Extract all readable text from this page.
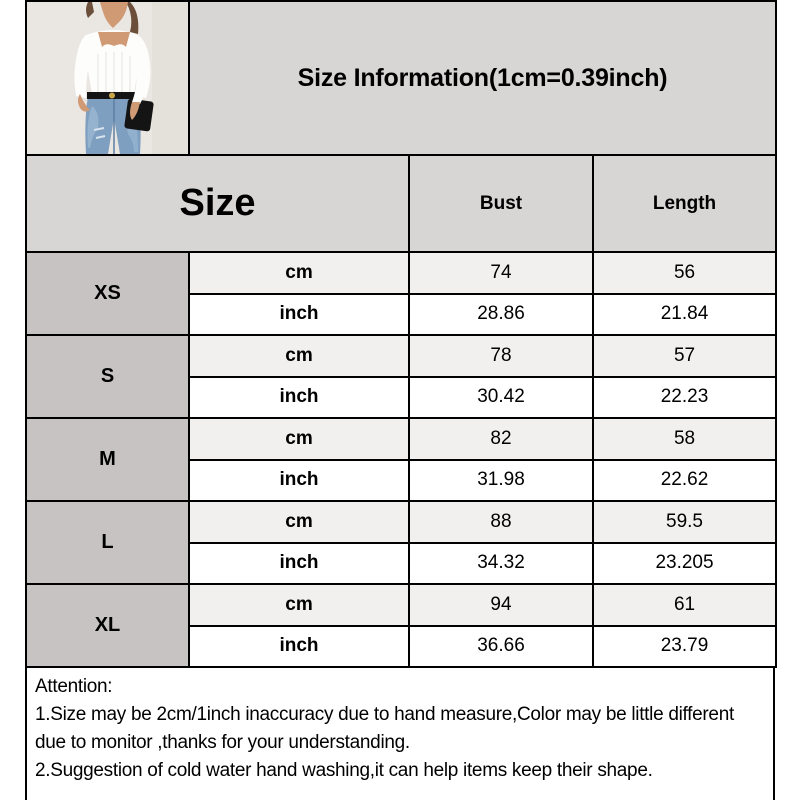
	Size Information(1cm=0.39inch)		
Size		Bust	Length
XS	cm	74	56
	inch	28.86	21.84
S	cm	78	57
	inch	30.42	22.23
M	cm	82	58
	inch	31.98	22.62
L	cm	88	59.5
	inch	34.32	23.205
XL	cm	94	61
	inch	36.66	23.79
Attention:
1.Size may be 2cm/1inch inaccuracy due to hand measure,Color may be little different due to monitor ,thanks for your understanding.
2.Suggestion of cold water hand washing,it can help items keep their shape.
